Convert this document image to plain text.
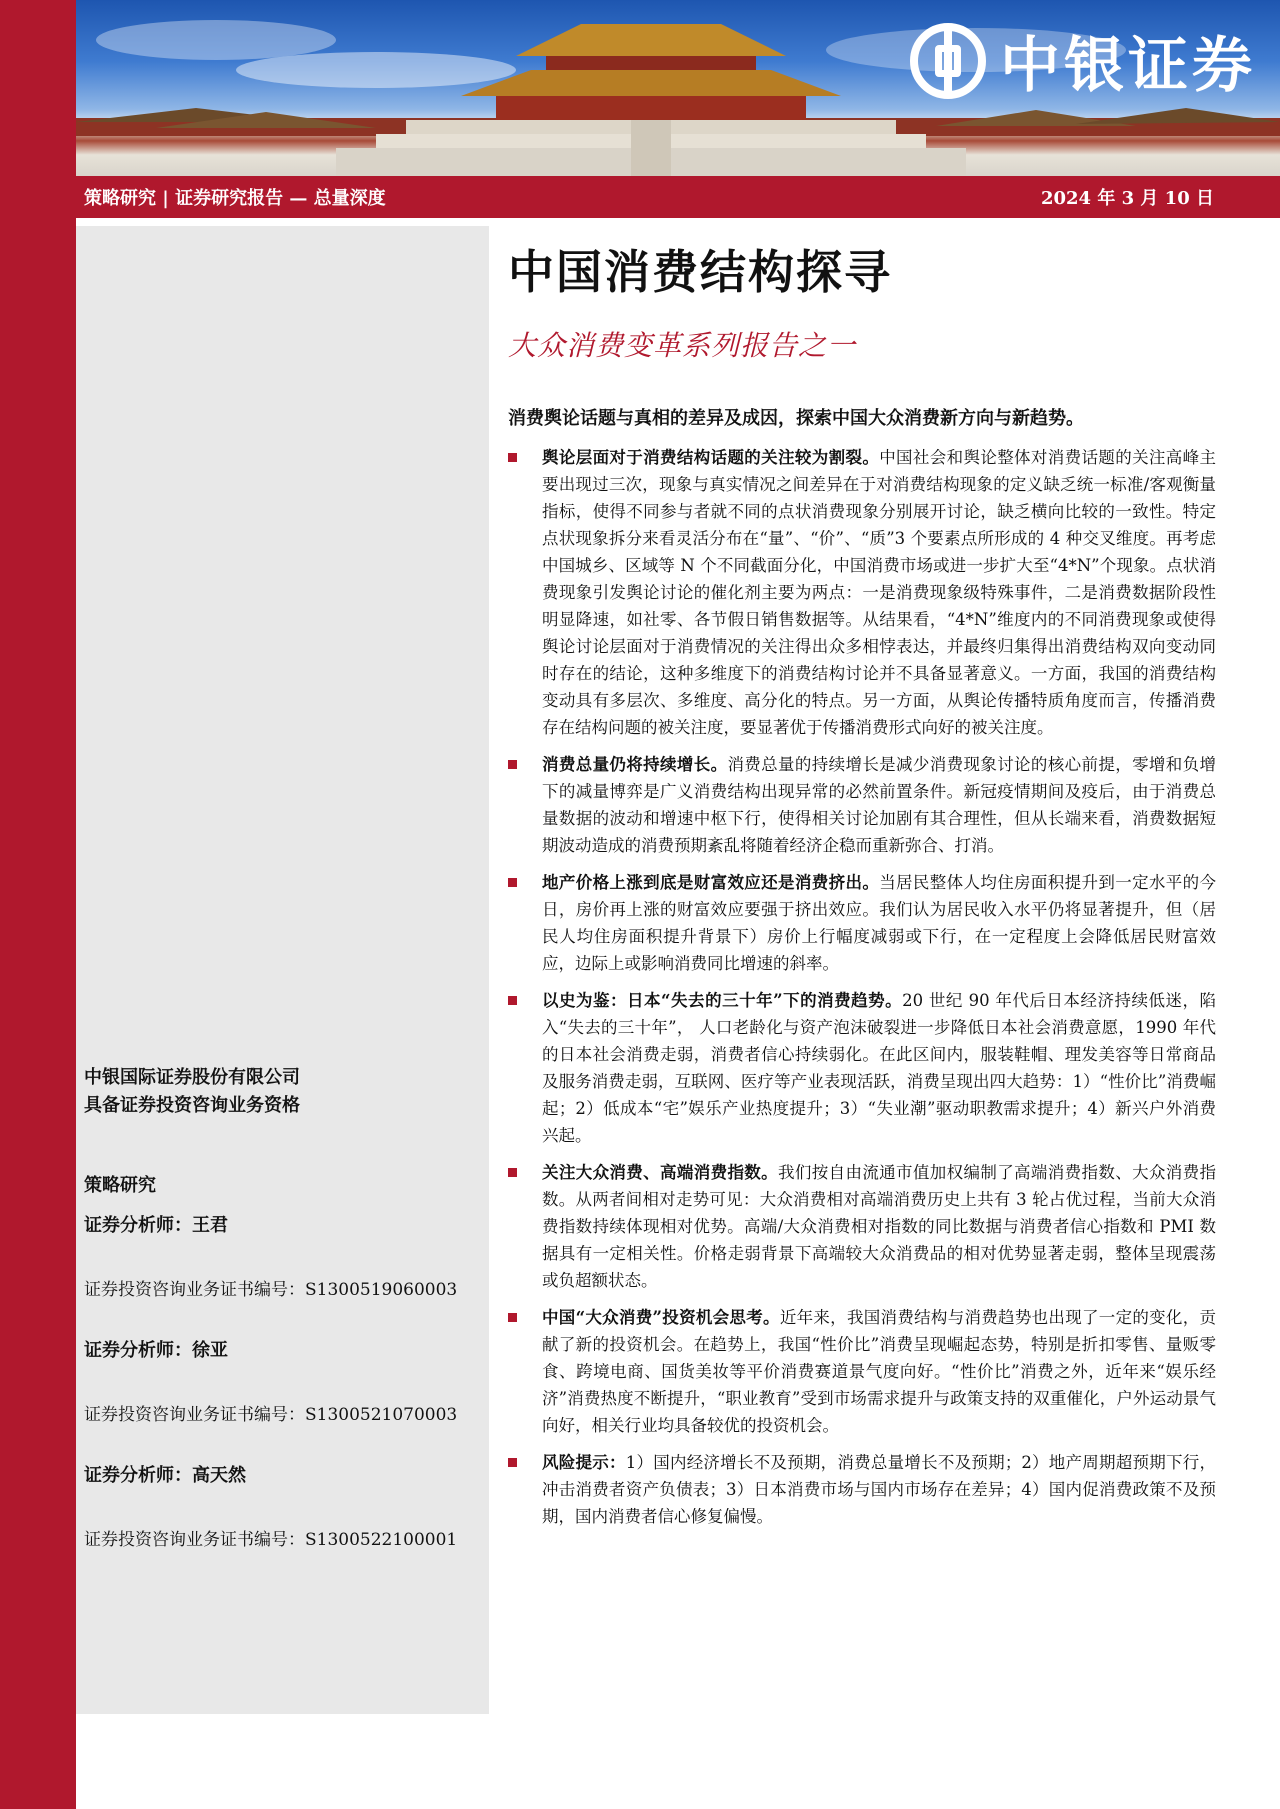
中银证券
策略研究 | 证券研究报告 — 总量深度	2024 年 3 月 10 日
中银国际证券股份有限公司
具备证券投资咨询业务资格
策略研究
证券分析师：王君
证券投资咨询业务证书编号：S1300519060003
证券分析师：徐亚
证券投资咨询业务证书编号：S1300521070003
证券分析师：高天然
证券投资咨询业务证书编号：S1300522100001
中国消费结构探寻
大众消费变革系列报告之一
消费舆论话题与真相的差异及成因，探索中国大众消费新方向与新趋势。
舆论层面对于消费结构话题的关注较为割裂。中国社会和舆论整体对消费话题的关注高峰主要出现过三次，现象与真实情况之间差异在于对消费结构现象的定义缺乏统一标准/客观衡量指标，使得不同参与者就不同的点状消费现象分别展开讨论，缺乏横向比较的一致性。特定点状现象拆分来看灵活分布在“量”、“价”、“质”3 个要素点所形成的 4 种交叉维度。再考虑中国城乡、区域等 N 个不同截面分化，中国消费市场或进一步扩大至“4*N”个现象。点状消费现象引发舆论讨论的催化剂主要为两点：一是消费现象级特殊事件，二是消费数据阶段性明显降速，如社零、各节假日销售数据等。从结果看，“4*N”维度内的不同消费现象或使得舆论讨论层面对于消费情况的关注得出众多相悖表达，并最终归集得出消费结构双向变动同时存在的结论，这种多维度下的消费结构讨论并不具备显著意义。一方面，我国的消费结构变动具有多层次、多维度、高分化的特点。另一方面，从舆论传播特质角度而言，传播消费存在结构问题的被关注度，要显著优于传播消费形式向好的被关注度。
消费总量仍将持续增长。消费总量的持续增长是减少消费现象讨论的核心前提，零增和负增下的减量博弈是广义消费结构出现异常的必然前置条件。新冠疫情期间及疫后，由于消费总量数据的波动和增速中枢下行，使得相关讨论加剧有其合理性，但从长端来看，消费数据短期波动造成的消费预期紊乱将随着经济企稳而重新弥合、打消。
地产价格上涨到底是财富效应还是消费挤出。当居民整体人均住房面积提升到一定水平的今日，房价再上涨的财富效应要强于挤出效应。我们认为居民收入水平仍将显著提升，但（居民人均住房面积提升背景下）房价上行幅度减弱或下行，在一定程度上会降低居民财富效应，边际上或影响消费同比增速的斜率。
以史为鉴：日本“失去的三十年”下的消费趋势。20 世纪 90 年代后日本经济持续低迷，陷入“失去的三十年”， 人口老龄化与资产泡沫破裂进一步降低日本社会消费意愿，1990 年代的日本社会消费走弱，消费者信心持续弱化。在此区间内，服装鞋帽、理发美容等日常商品及服务消费走弱，互联网、医疗等产业表现活跃，消费呈现出四大趋势：1）“性价比”消费崛起；2）低成本“宅”娱乐产业热度提升；3）“失业潮”驱动职教需求提升；4）新兴户外消费兴起。
关注大众消费、高端消费指数。我们按自由流通市值加权编制了高端消费指数、大众消费指数。从两者间相对走势可见：大众消费相对高端消费历史上共有 3 轮占优过程，当前大众消费指数持续体现相对优势。高端/大众消费相对指数的同比数据与消费者信心指数和 PMI 数据具有一定相关性。价格走弱背景下高端较大众消费品的相对优势显著走弱，整体呈现震荡或负超额状态。
中国“大众消费”投资机会思考。近年来，我国消费结构与消费趋势也出现了一定的变化，贡献了新的投资机会。在趋势上，我国“性价比”消费呈现崛起态势，特别是折扣零售、量贩零食、跨境电商、国货美妆等平价消费赛道景气度向好。“性价比”消费之外，近年来“娱乐经济”消费热度不断提升，“职业教育”受到市场需求提升与政策支持的双重催化，户外运动景气向好，相关行业均具备较优的投资机会。
风险提示：1）国内经济增长不及预期，消费总量增长不及预期；2）地产周期超预期下行，冲击消费者资产负债表；3）日本消费市场与国内市场存在差异；4）国内促消费政策不及预期，国内消费者信心修复偏慢。
